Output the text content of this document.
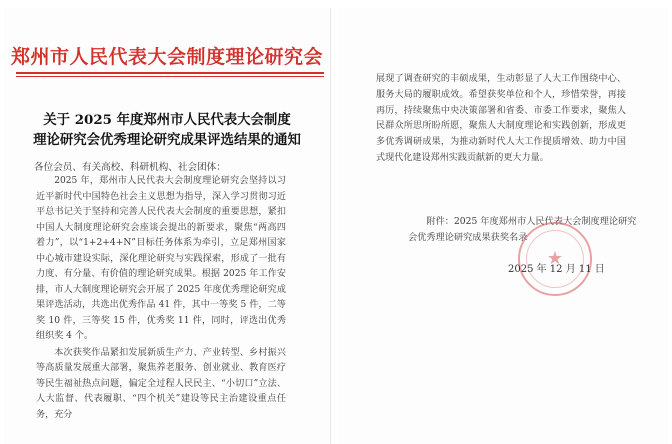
郑州市人民代表大会制度理论研究会
关于 2025 年度郑州市人民代表大会制度
理论研究会优秀理论研究成果评选结果的通知
各位会员、有关高校、科研机构、社会团体：

2025 年，郑州市人民代表大会制度理论研究会坚持以习近平新时代中国特色社会主义思想为指导，深入学习贯彻习近平总书记关于坚持和完善人民代表大会制度的重要思想，紧扣中国人大制度理论研究会座谈会提出的新要求，聚焦“两高四着力”，以“1+2+4+N”目标任务体系为牵引，立足郑州国家中心城市建设实际，深化理论研究与实践探索，形成了一批有力度、有分量、有价值的理论研究成果。根据 2025 年工作安排，市人大制度理论研究会开展了 2025 年度优秀理论研究成果评选活动，共选出优秀作品 41 件，其中一等奖 5 件，二等奖 10 件，三等奖 15 件，优秀奖 11 件，同时，评选出优秀组织奖 4 个。

本次获奖作品紧扣发展新质生产力、产业转型、乡村振兴等高质量发展重大部署，聚焦养老服务、创业就业、教育医疗等民生福祉热点问题，偏定全过程人民民主、“小切口”立法、人大监督、代表履职、“四个机关”建设等民主治建设重点任务，充分

展现了调查研究的丰硕成果，生动彰显了人大工作围绕中心、服务大局的履职成效。希望获奖单位和个人，珍惜荣誉，再接再厉，持续聚焦中央决策部署和省委、市委工作要求，聚焦人民群众所思所盼所愿，聚焦人大制度理论和实践创新，形成更多优秀调研成果，为推动新时代人大工作提质增效、助力中国式现代化建设郑州实践贡献新的更大力量。
附件：2025 年度郑州市人民代表大会制度理论研究会优秀理论研究成果获奖名录
★
2025 年 12 月 11 日
